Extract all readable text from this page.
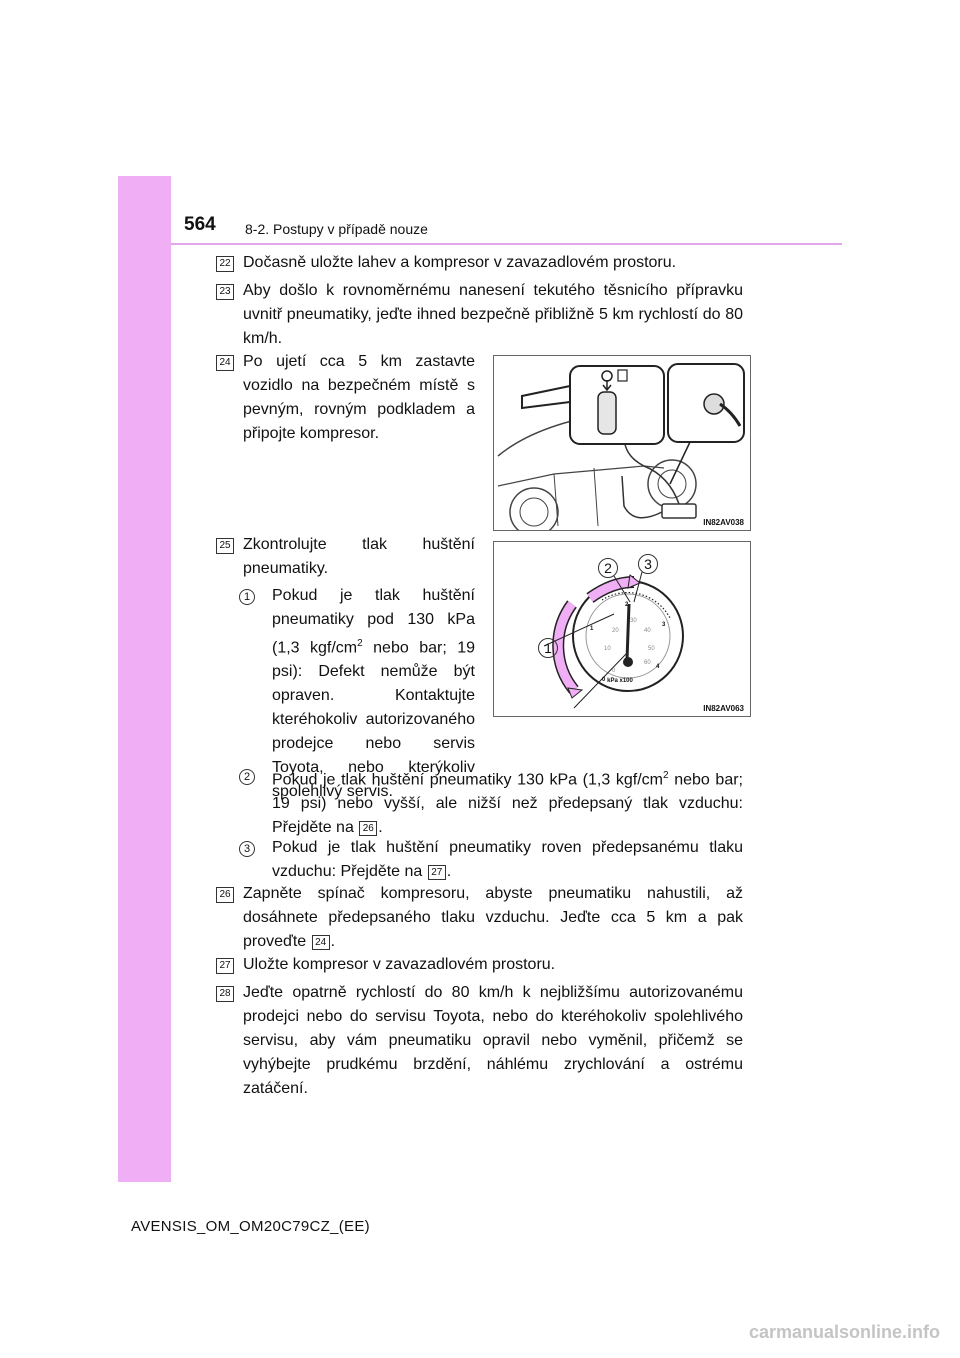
564 8-2. Postupy v případě nouze
22 Dočasně uložte lahev a kompresor v zavazadlovém prostoru.
23 Aby došlo k rovnoměrnému nanesení tekutého těsnicího přípravku uvnitř pneumatiky, jeďte ihned bezpečně přibližně 5 km rychlostí do 80 km/h.
24 Po ujetí cca 5 km zastavte vozidlo na bezpečném místě s pevným, rovným podkladem a připojte kompresor.
IN82AV038
25 Zkontrolujte tlak huštění pneumatiky.
1
2	3
kPa x100
0
1
2
3
4
0
10
20
30
40
50
60
IN82AV063
1	Pokud je tlak huštění pneumatiky pod 130 kPa (1,3 kgf/$cm^2$ nebo bar; 19 psi): Defekt nemůže být opraven. Kontaktujte kteréhokoliv autorizovaného prodejce nebo servis Toyota, nebo kterýkoliv spolehlivý servis.
2	Pokud je tlak huštění pneumatiky 130 kPa (1,3 kgf/$cm^2$ nebo bar; 19 psi) nebo vyšší, ale nižší než předepsaný tlak vzduchu: Přejděte na 26 .
3	Pokud je tlak huštění pneumatiky roven předepsanému tlaku vzduchu: Přejděte na 27 .
26 Zapněte spínač kompresoru, abyste pneumatiku nahustili, až dosáhnete předepsaného tlaku vzduchu. Jeďte cca 5 km a pak proveďte 24 .
27 Uložte kompresor v zavazadlovém prostoru.
28 Jeďte opatrně rychlostí do 80 km/h k nejbližšímu autorizovanému prodejci nebo do servisu Toyota, nebo do kteréhokoliv spolehlivého servisu, aby vám pneumatiku opravil nebo vyměnil, přičemž se vyhýbejte prudkému brzdění, náhlému zrychlování a ostrému zatáčení.
AVENSIS_OM_OM20C79CZ_(EE)
carmanualsonline.info
